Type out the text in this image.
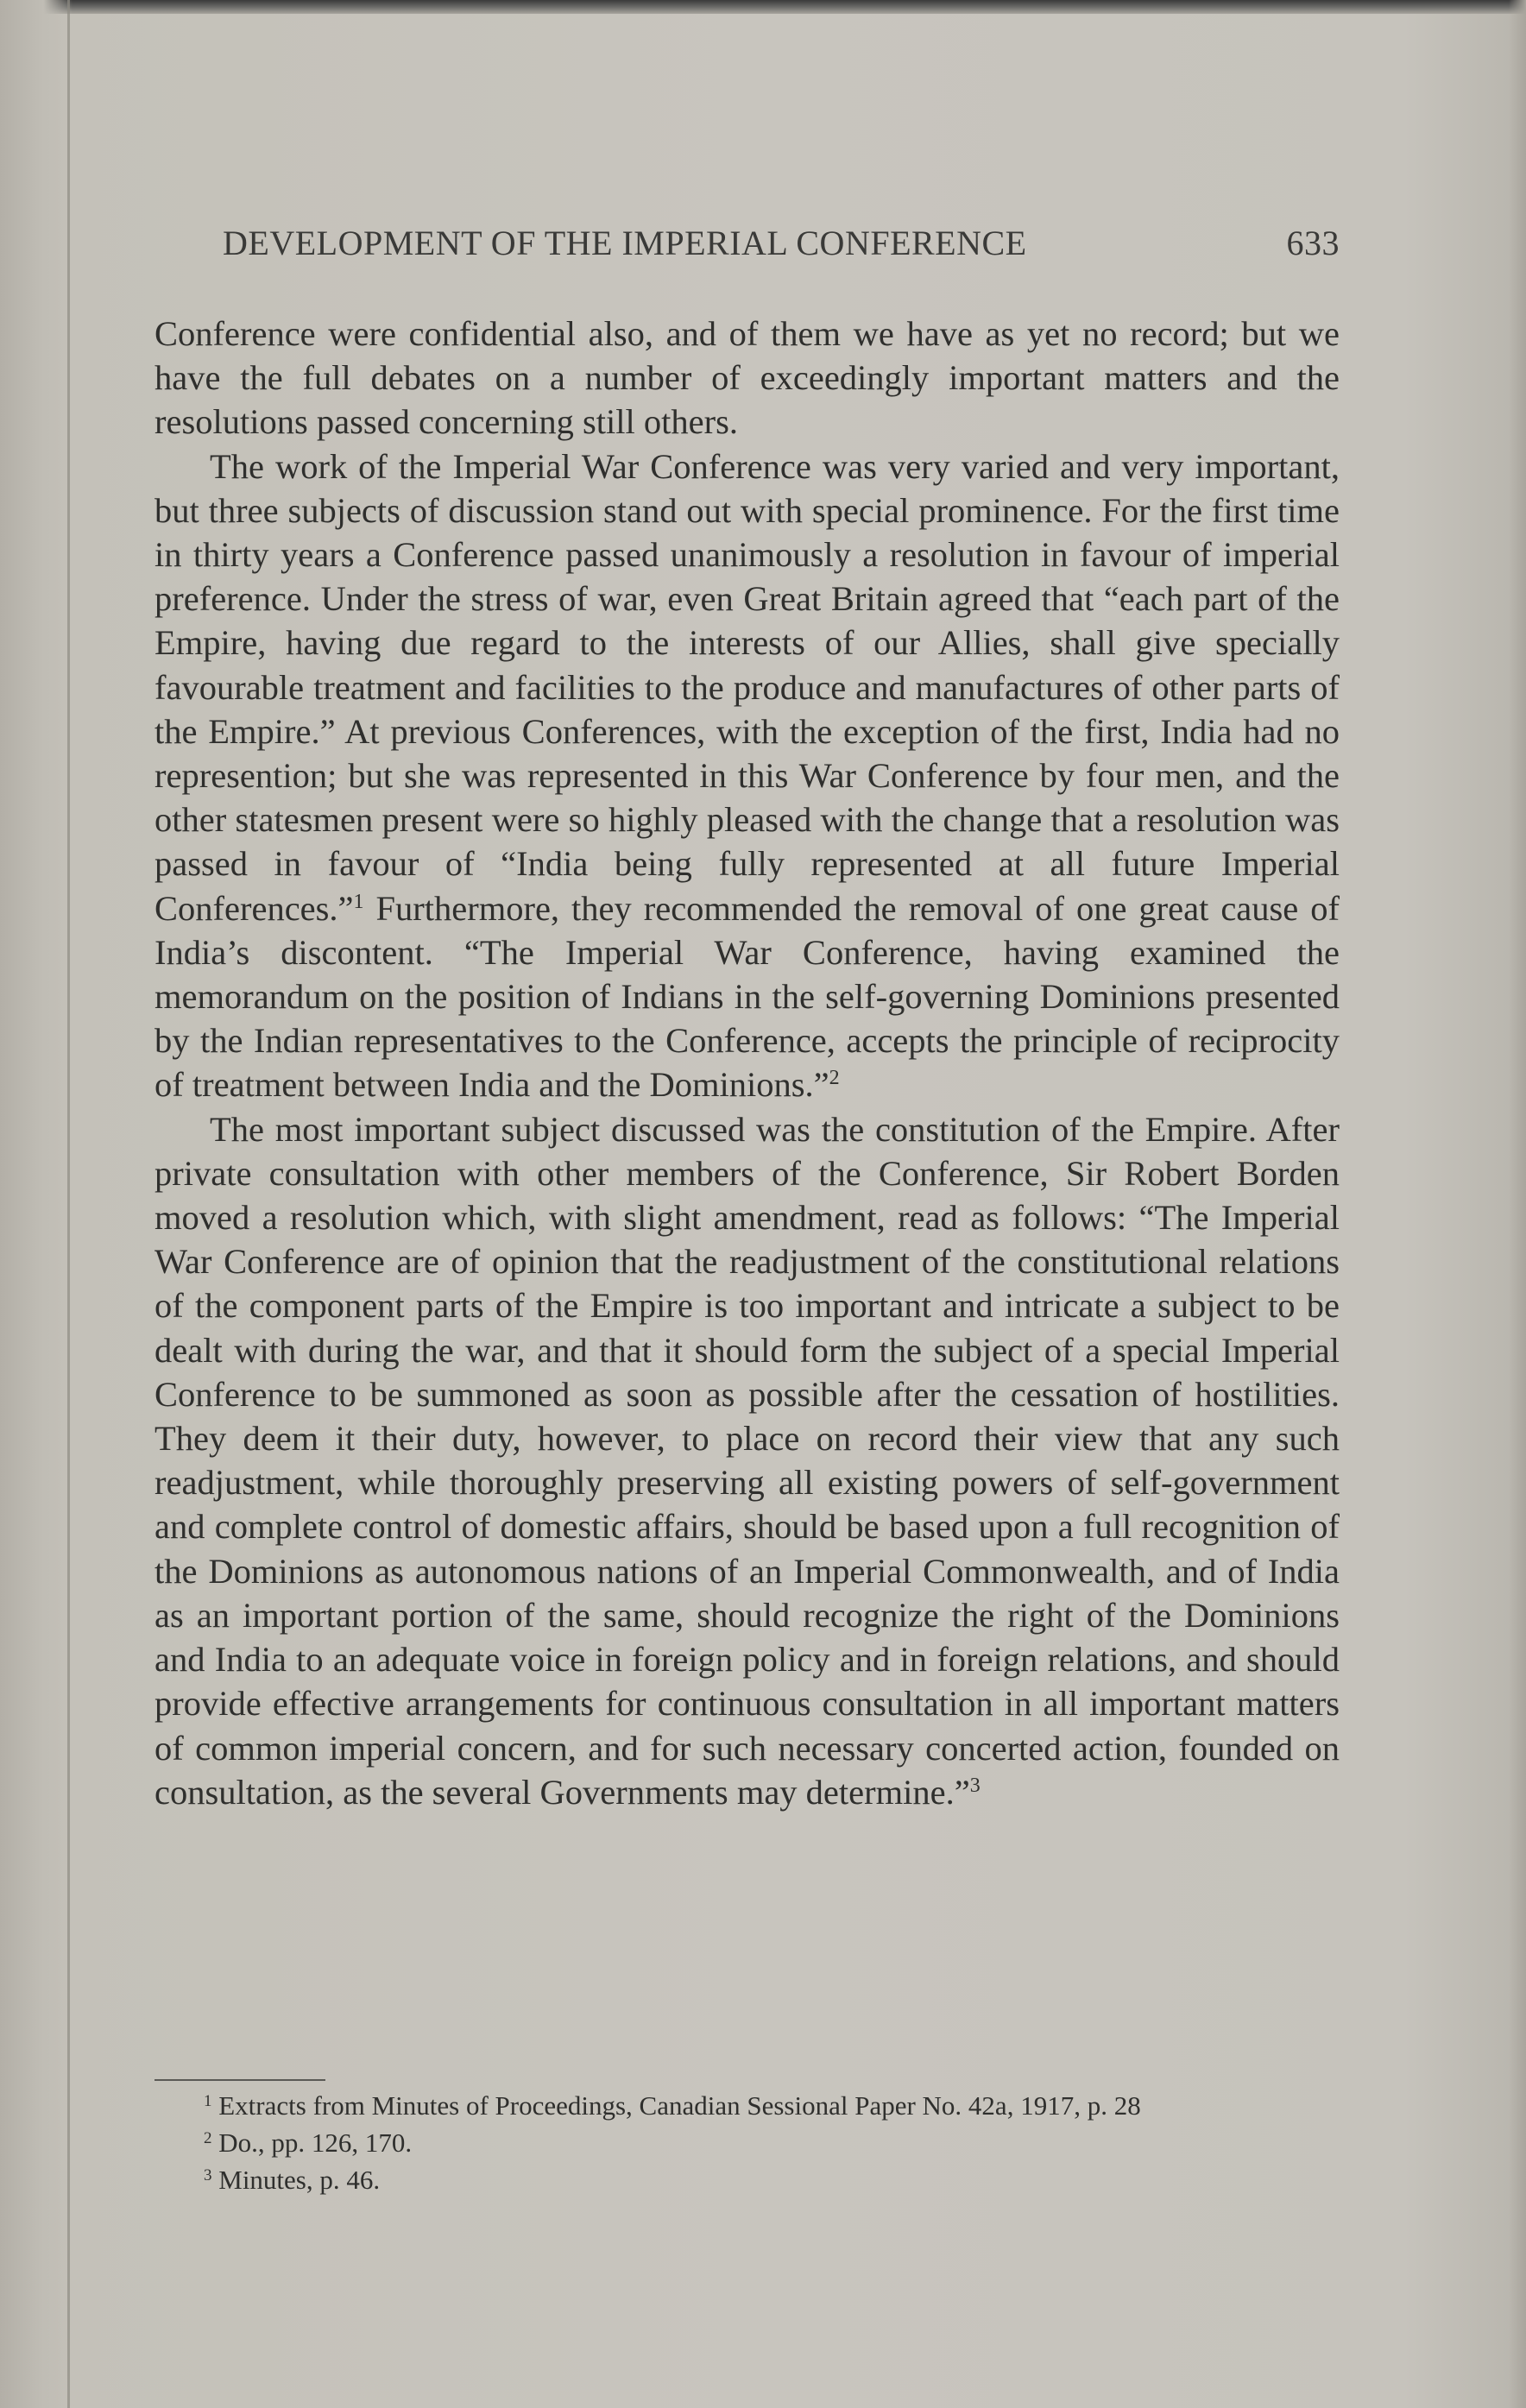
DEVELOPMENT OF THE IMPERIAL CONFERENCE	633

Conference were confidential also, and of them we have as yet no record; but we have the full debates on a number of exceedingly important matters and the resolutions passed concerning still others.

The work of the Imperial War Conference was very varied and very important, but three subjects of discussion stand out with special prominence. For the first time in thirty years a Conference passed unanimously a resolution in favour of imperial preference. Under the stress of war, even Great Britain agreed that “each part of the Empire, having due regard to the interests of our Allies, shall give specially favourable treatment and facilities to the produce and manufactures of other parts of the Empire.” At previous Conferences, with the exception of the first, India had no represention; but she was represented in this War Conference by four men, and the other statesmen present were so highly pleased with the change that a resolution was passed in favour of “India being fully represented at all future Imperial Conferences.”$^1$ Furthermore, they recommended the removal of one great cause of India’s discontent. “The Imperial War Conference, having examined the memorandum on the position of Indians in the self-governing Dominions presented by the Indian representatives to the Conference, accepts the principle of reciprocity of treatment between India and the Dominions.”$^2$

The most important subject discussed was the constitution of the Empire. After private consultation with other members of the Conference, Sir Robert Borden moved a resolution which, with slight amendment, read as follows: “The Imperial War Conference are of opinion that the readjustment of the constitutional relations of the component parts of the Empire is too important and intricate a subject to be dealt with during the war, and that it should form the subject of a special Imperial Conference to be summoned as soon as possible after the cessation of hostilities. They deem it their duty, however, to place on record their view that any such readjustment, while thoroughly preserving all existing powers of self-government and complete control of domestic affairs, should be based upon a full recognition of the Dominions as autonomous nations of an Imperial Commonwealth, and of India as an important portion of the same, should recognize the right of the Dominions and India to an adequate voice in foreign policy and in foreign relations, and should provide effective arrangements for continuous consultation in all important matters of common imperial concern, and for such necessary concerted action, founded on consultation, as the several Governments may determine.”$^3$

$^1$ Extracts from Minutes of Proceedings, Canadian Sessional Paper No. 42a, 1917, p. 28
$^2$ Do., pp. 126, 170.
$^3$ Minutes, p. 46.
